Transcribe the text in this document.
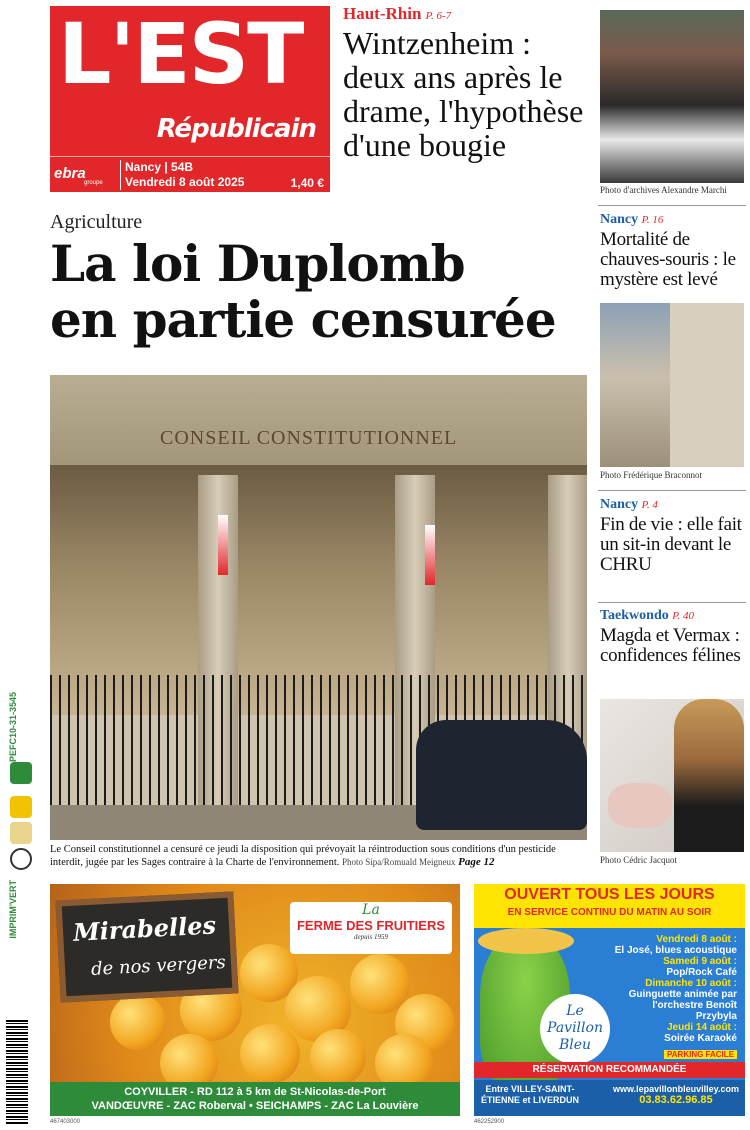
L'EST
Républicain
ebra
groupe
Nancy | 54B
Vendredi 8 août 2025	1,40 €
Haut-Rhin P. 6-7
Wintzenheim : deux ans après le drame, l'hypothèse d'une bougie
Photo d'archives Alexandre Marchi
Agriculture
La loi Duplomb
en partie censurée
CONSEIL CONSTITUTIONNEL
Le Conseil constitutionnel a censuré ce jeudi la disposition qui prévoyait la réintroduction sous conditions d'un pesticide interdit, jugée par les Sages contraire à la Charte de l'environnement. Photo Sipa/Romuald Meigneux Page 12
Nancy P. 16
Mortalité de chauves-souris : le mystère est levé
Photo Frédérique Braconnot
Nancy P. 4
Fin de vie : elle fait un sit-in devant le CHRU
Taekwondo P. 40
Magda et Vermax : confidences félines
Photo Cédric Jacquot
10-31-3545
PEFC
IMPRIM'VERT Mirabelles
de nos vergers
La
FERME DES FRUITIERS
depuis 1959
COYVILLER - RD 112 à 5 km de St-Nicolas-de-Port
VANDŒUVRE - ZAC Roberval • SEICHAMPS - ZAC La Louvière
467403000
OUVERT TOUS LES JOURS
EN SERVICE CONTINU DU MATIN AU SOIR
Le
Pavillon
Bleu
Vendredi 8 août :
El José, blues acoustique
Samedi 9 août :
Pop/Rock Café
Dimanche 10 août :
Guinguette animée par l'orchestre Benoît Przybyla
Jeudi 14 août :
Soirée Karaoké
PARKING FACILE
RÉSERVATION RECOMMANDÉE
Entre VILLEY-SAINT-ÉTIENNE et LIVERDUN
www.lepavillonbleuvilley.com
03.83.62.96.85
462252900
